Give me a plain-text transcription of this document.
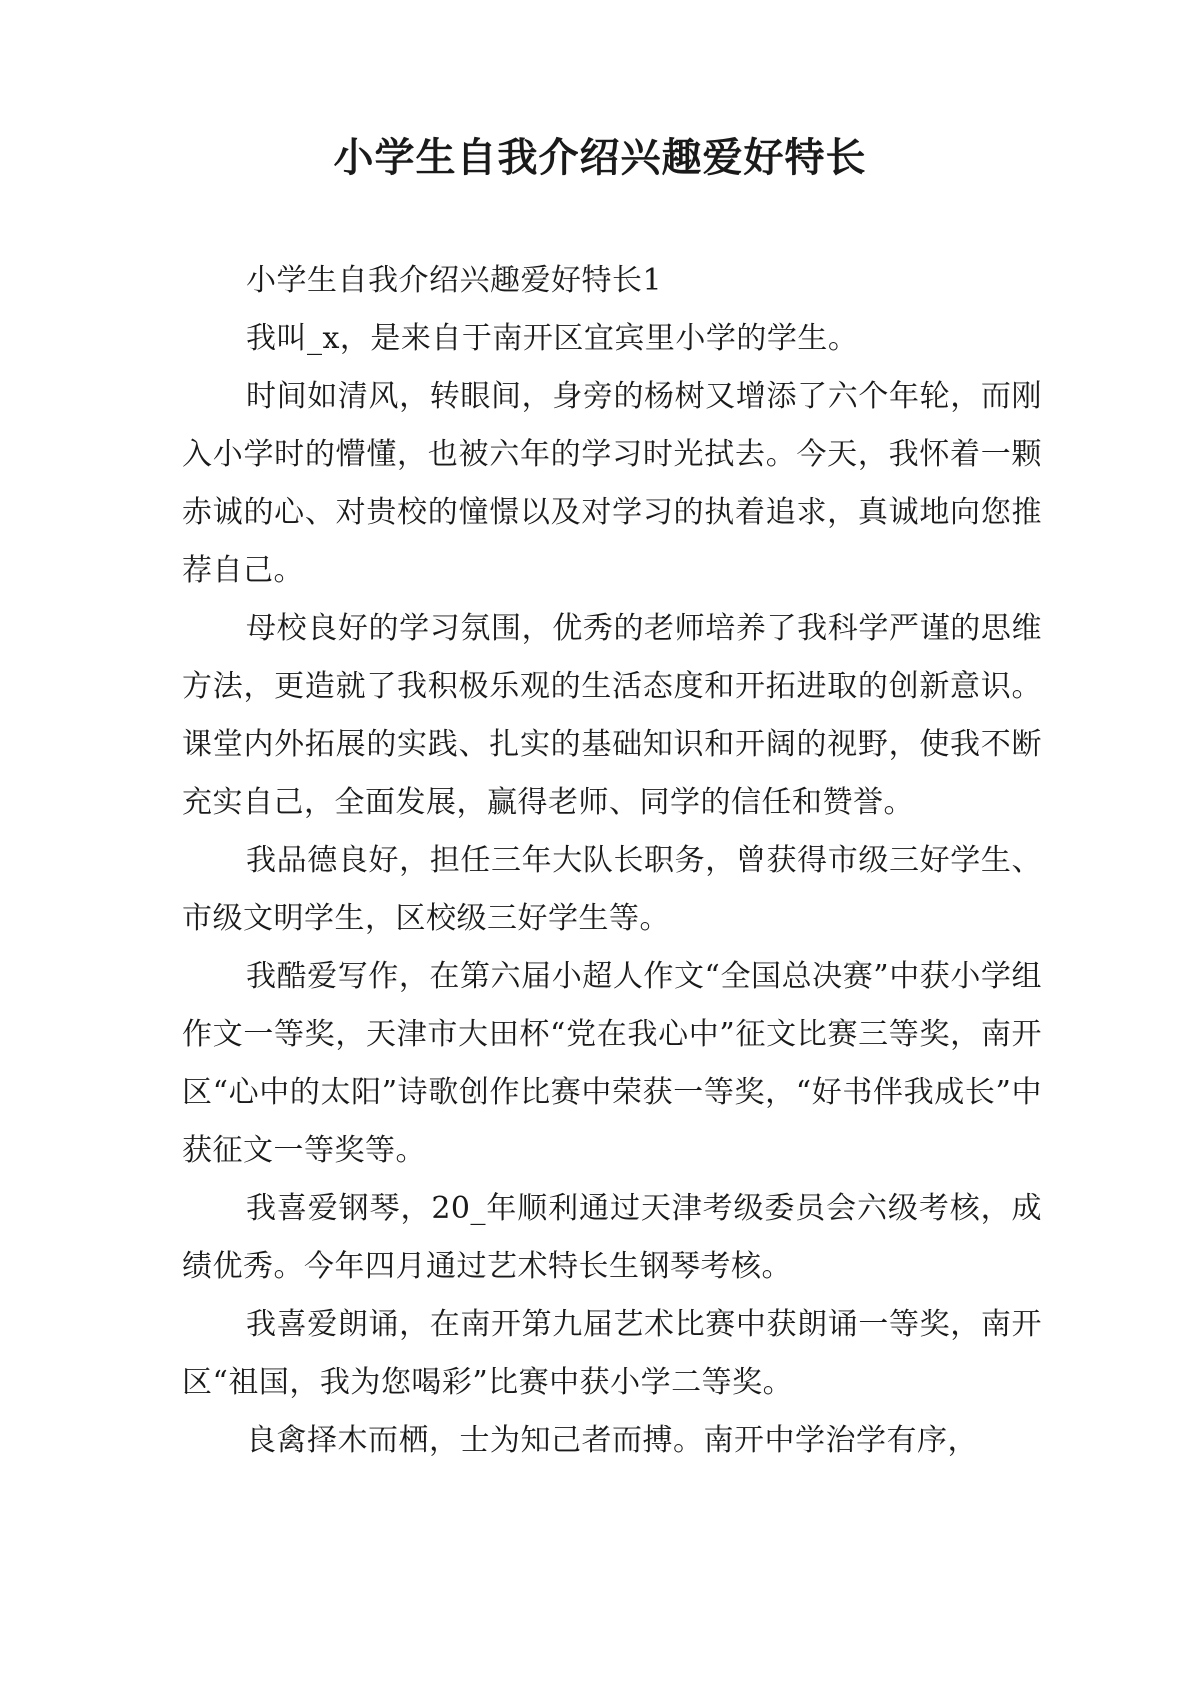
小学生自我介绍兴趣爱好特长

小学生自我介绍兴趣爱好特长1

我叫_x，是来自于南开区宜宾里小学的学生。

时间如清风，转眼间，身旁的杨树又增添了六个年轮，而刚入小学时的懵懂，也被六年的学习时光拭去。今天，我怀着一颗赤诚的心、对贵校的憧憬以及对学习的执着追求，真诚地向您推荐自己。

母校良好的学习氛围，优秀的老师培养了我科学严谨的思维方法，更造就了我积极乐观的生活态度和开拓进取的创新意识。课堂内外拓展的实践、扎实的基础知识和开阔的视野，使我不断充实自己，全面发展，赢得老师、同学的信任和赞誉。

我品德良好，担任三年大队长职务，曾获得市级三好学生、市级文明学生，区校级三好学生等。

我酷爱写作，在第六届小超人作文“全国总决赛”中获小学组作文一等奖，天津市大田杯“党在我心中”征文比赛三等奖，南开区“心中的太阳”诗歌创作比赛中荣获一等奖，“好书伴我成长”中获征文一等奖等。

我喜爱钢琴，20_年顺利通过天津考级委员会六级考核，成绩优秀。今年四月通过艺术特长生钢琴考核。

我喜爱朗诵，在南开第九届艺术比赛中获朗诵一等奖，南开区“祖国，我为您喝彩”比赛中获小学二等奖。

良禽择木而栖，士为知己者而搏。南开中学治学有序，
